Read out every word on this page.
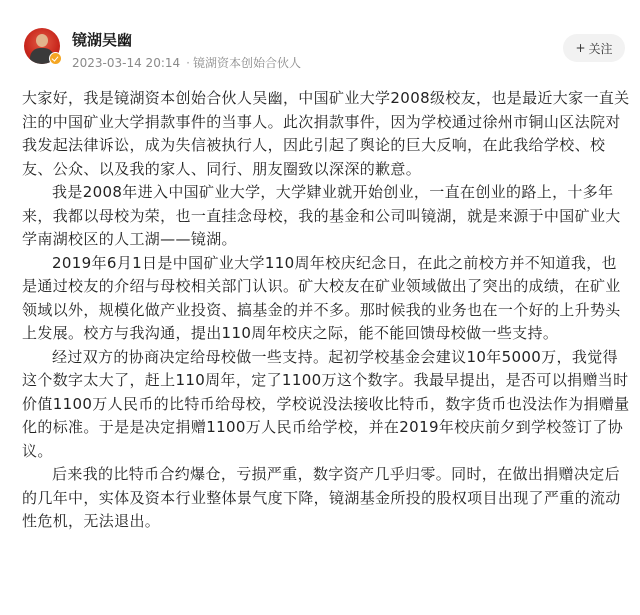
镜湖吴幽
2023-03-14 20:14 · 镜湖资本创始合伙人
+ 关注

大家好，我是镜湖资本创始合伙人吴幽，中国矿业大学2008级校友，也是最近大家一直关注的中国矿业大学捐款事件的当事人。此次捐款事件，因为学校通过徐州市铜山区法院对我发起法律诉讼，成为失信被执行人，因此引起了舆论的巨大反响，在此我给学校、校友、公众、以及我的家人、同行、朋友圈致以深深的歉意。

我是2008年进入中国矿业大学，大学肄业就开始创业，一直在创业的路上，十多年来，我都以母校为荣，也一直挂念母校，我的基金和公司叫镜湖，就是来源于中国矿业大学南湖校区的人工湖——镜湖。

2019年6月1日是中国矿业大学110周年校庆纪念日，在此之前校方并不知道我，也是通过校友的介绍与母校相关部门认识。矿大校友在矿业领域做出了突出的成绩，在矿业领域以外，规模化做产业投资、搞基金的并不多。那时候我的业务也在一个好的上升势头上发展。校方与我沟通，提出110周年校庆之际，能不能回馈母校做一些支持。

经过双方的协商决定给母校做一些支持。起初学校基金会建议10年5000万，我觉得这个数字太大了，赶上110周年，定了1100万这个数字。我最早提出，是否可以捐赠当时价值1100万人民币的比特币给母校，学校说没法接收比特币，数字货币也没法作为捐赠量化的标准。于是是决定捐赠1100万人民币给学校，并在2019年校庆前夕到学校签订了协议。

后来我的比特币合约爆仓，亏损严重，数字资产几乎归零。同时，在做出捐赠决定后的几年中，实体及资本行业整体景气度下降，镜湖基金所投的股权项目出现了严重的流动性危机，无法退出。
